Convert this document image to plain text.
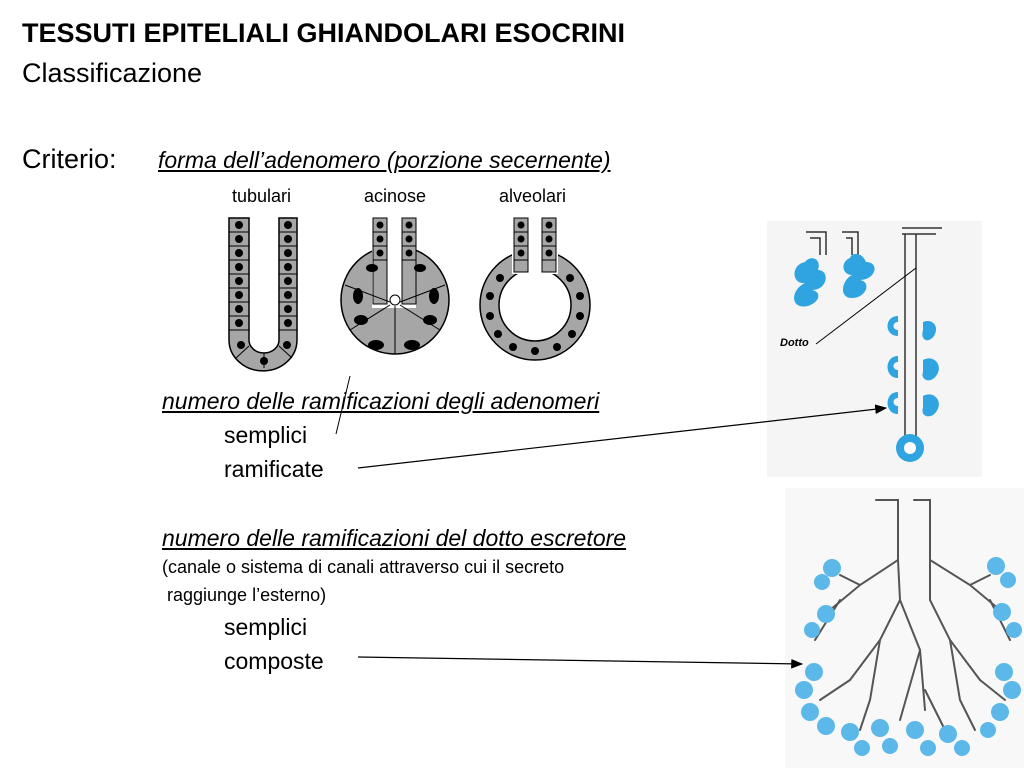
TESSUTI EPITELIALI GHIANDOLARI ESOCRINI
Classificazione
Criterio: forma dell’adenomero (porzione secernente)
tubulari	acinose	alveolari
numero delle ramificazioni degli adenomeri
semplici
ramificate
numero delle ramificazioni del dotto escretore
(canale o sistema di canali attraverso cui il secreto
raggiunge l’esterno)
semplici
composte
Dotto
